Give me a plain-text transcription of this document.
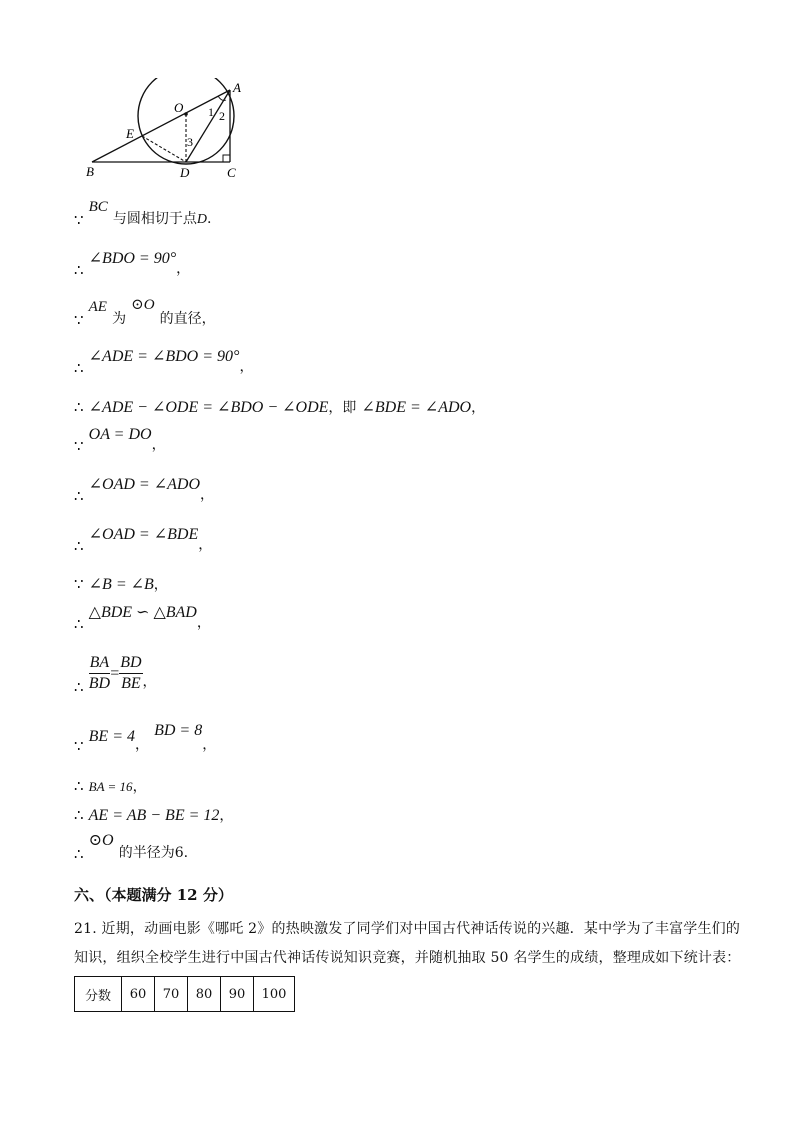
O
A
E
B	D	C
1 2
3
∵ BC 与圆相切于点D.
∴ ∠BDO = 90°，
∵ AE 为 ⊙O 的直径，
∴ ∠ADE = ∠BDO = 90°，
∴ ∠ADE − ∠ODE = ∠BDO − ∠ODE，即 ∠BDE = ∠ADO，
∵ OA = DO，
∴ ∠OAD = ∠ADO，
∴ ∠OAD = ∠BDE，
∵ ∠B = ∠B，
∴ △BDE ∽ △BAD，
∴ $\frac{BA}{BD} = \frac{BD}{BE}$ ，
∵ BE = 4， BD = 8，
∴ BA = 16，
∴ AE = AB − BE = 12，
∴ ⊙O 的半径为6.
六、（本题满分 12 分）
21. 近期，动画电影《哪吒 2》的热映激发了同学们对中国古代神话传说的兴趣．某中学为了丰富学生们的
知识，组织全校学生进行中国古代神话传说知识竞赛，并随机抽取 50 名学生的成绩，整理成如下统计表：
分数	60	70	80	90	100
